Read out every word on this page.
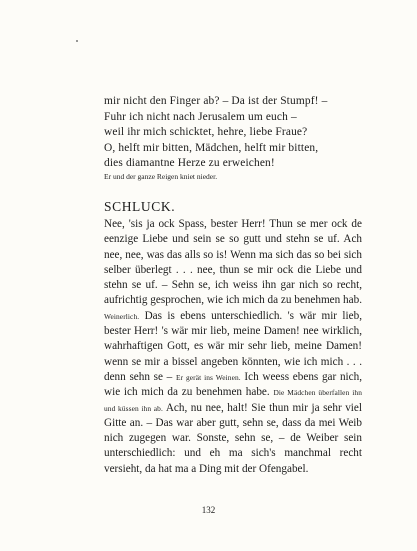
mir nicht den Finger ab? – Da ist der Stumpf! –
Fuhr ich nicht nach Jerusalem um euch –
weil ihr mich schicktet, hehre, liebe Fraue?
O, helft mir bitten, Mädchen, helft mir bitten,
dies diamantne Herze zu erweichen!
Er und der ganze Reigen kniet nieder.
SCHLUCK.
Nee, 'sis ja ock Spass, bester Herr! Thun se mer ock de eenzige Liebe und sein se so gutt und stehn se uf. Ach nee, nee, was das alls so is! Wenn ma sich das so bei sich selber überlegt . . . nee, thun se mir ock die Liebe und stehn se uf. – Sehn se, ich weiss ihn gar nich so recht, aufrichtig gesprochen, wie ich mich da zu benehmen hab. Weinerlich. Das is ebens unterschiedlich. 's wär mir lieb, bester Herr! 's wär mir lieb, meine Damen! nee wirklich, wahrhaftigen Gott, es wär mir sehr lieb, meine Damen! wenn se mir a bissel angeben könnten, wie ich mich . . . denn sehn se – Er gerät ins Weinen. Ich weess ebens gar nich, wie ich mich da zu benehmen habe. Die Mädchen überfallen ihn und küssen ihn ab. Ach, nu nee, halt! Sie thun mir ja sehr viel Gitte an. – Das war aber gutt, sehn se, dass da mei Weib nich zugegen war. Sonste, sehn se, – de Weiber sein unterschiedlich: und eh ma sich's manchmal recht versieht, da hat ma a Ding mit der Ofengabel.
132
